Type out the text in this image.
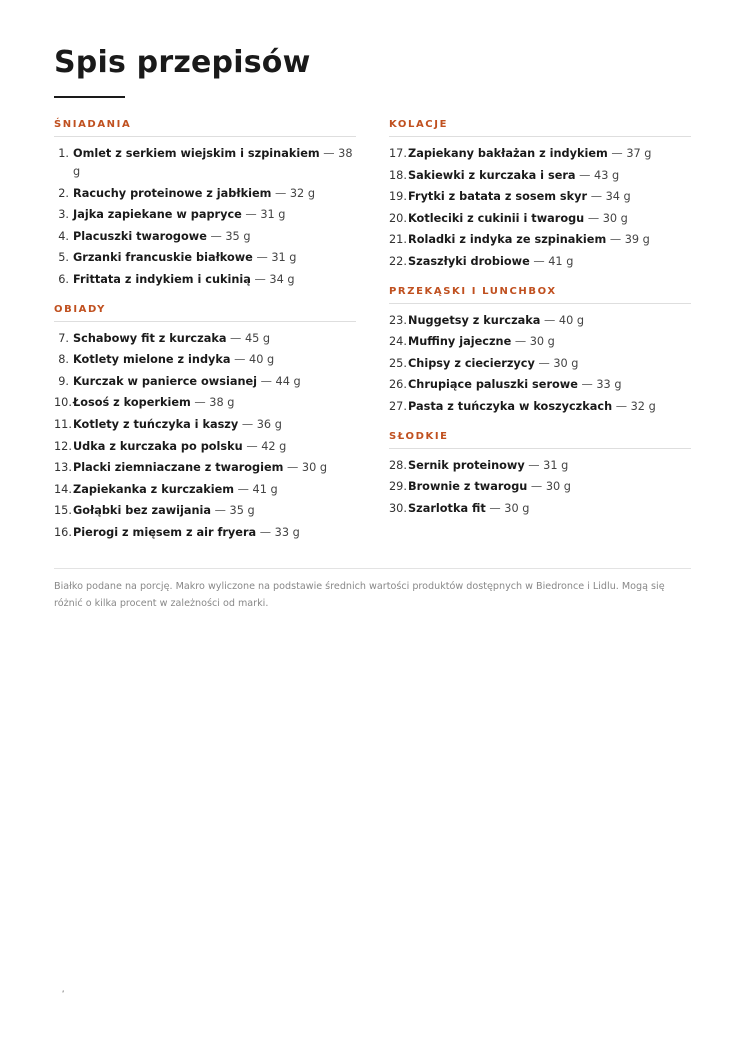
Spis przepisów
ŚNIADANIA
1. Omlet z serkiem wiejskim i szpinakiem — 38 g
2. Racuchy proteinowe z jabłkiem — 32 g
3. Jajka zapiekane w papryce — 31 g
4. Placuszki twarogowe — 35 g
5. Grzanki francuskie białkowe — 31 g
6. Frittata z indykiem i cukinią — 34 g
OBIADY
7. Schabowy fit z kurczaka — 45 g
8. Kotlety mielone z indyka — 40 g
9. Kurczak w panierce owsianej — 44 g
10. Łosoś z koperkiem — 38 g
11. Kotlety z tuńczyka i kaszy — 36 g
12. Udka z kurczaka po polsku — 42 g
13. Placki ziemniaczane z twarogiem — 30 g
14. Zapiekanka z kurczakiem — 41 g
15. Gołąbki bez zawijania — 35 g
16. Pierogi z mięsem z air fryera — 33 g
KOLACJE
17. Zapiekany bakłażan z indykiem — 37 g
18. Sakiewki z kurczaka i sera — 43 g
19. Frytki z batata z sosem skyr — 34 g
20. Kotleciki z cukinii i twarogu — 30 g
21. Roladki z indyka ze szpinakiem — 39 g
22. Szaszłyki drobiowe — 41 g
PRZEKĄSKI I LUNCHBOX
23. Nuggetsy z kurczaka — 40 g
24. Muffiny jajeczne — 30 g
25. Chipsy z ciecierzycy — 30 g
26. Chrupiące paluszki serowe — 33 g
27. Pasta z tuńczyka w koszyczkach — 32 g
SŁODKIE
28. Sernik proteinowy — 31 g
29. Brownie z twarogu — 30 g
30. Szarlotka fit — 30 g
Białko podane na porcję. Makro wyliczone na podstawie średnich wartości produktów dostępnych w Biedronce i Lidlu. Mogą się różnić o kilka procent w zależności od marki.
ʹ
